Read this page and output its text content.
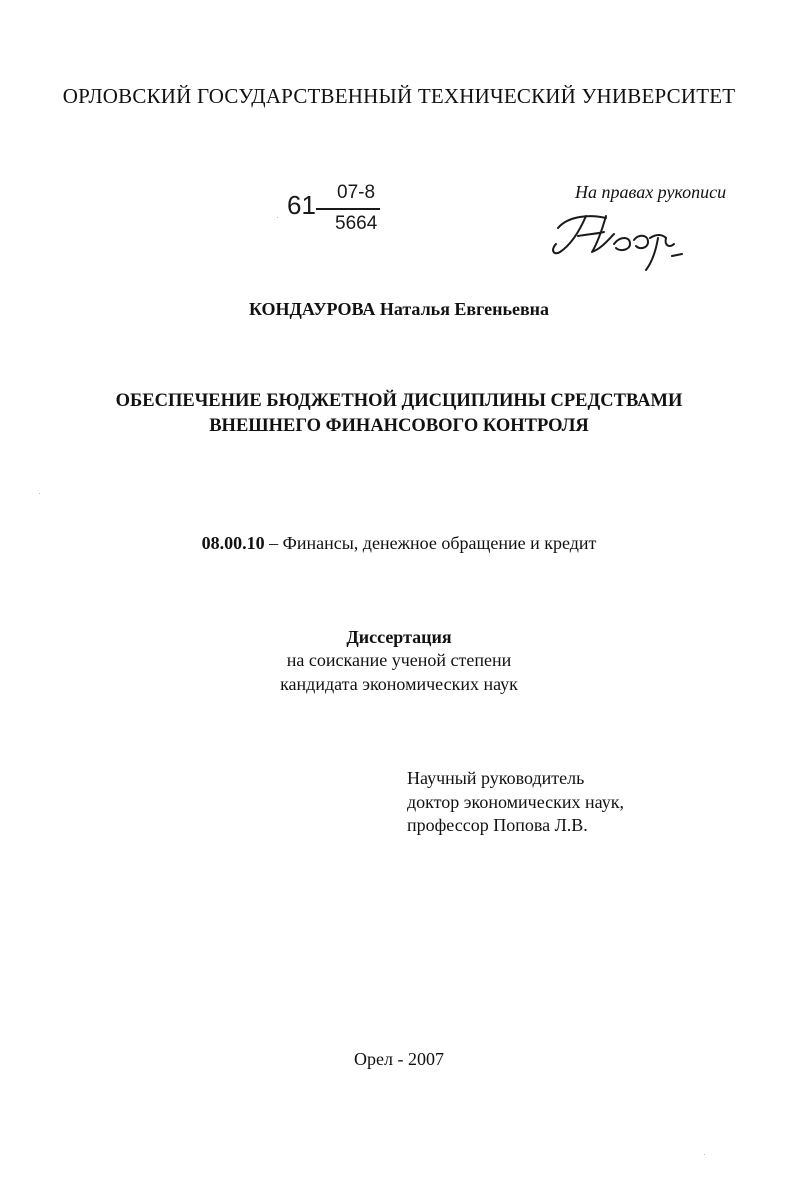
ОРЛОВСКИЙ ГОСУДАРСТВЕННЫЙ ТЕХНИЧЕСКИЙ УНИВЕРСИТЕТ
61 07-8
5664
На правах рукописи
КОНДАУРОВА Наталья Евгеньевна
ОБЕСПЕЧЕНИЕ БЮДЖЕТНОЙ ДИСЦИПЛИНЫ СРЕДСТВАМИ
ВНЕШНЕГО ФИНАНСОВОГО КОНТРОЛЯ
08.00.10 – Финансы, денежное обращение и кредит
Диссертация
на соискание ученой степени
кандидата экономических наук
Научный руководитель
доктор экономических наук,
профессор Попова Л.В.
Орел - 2007
